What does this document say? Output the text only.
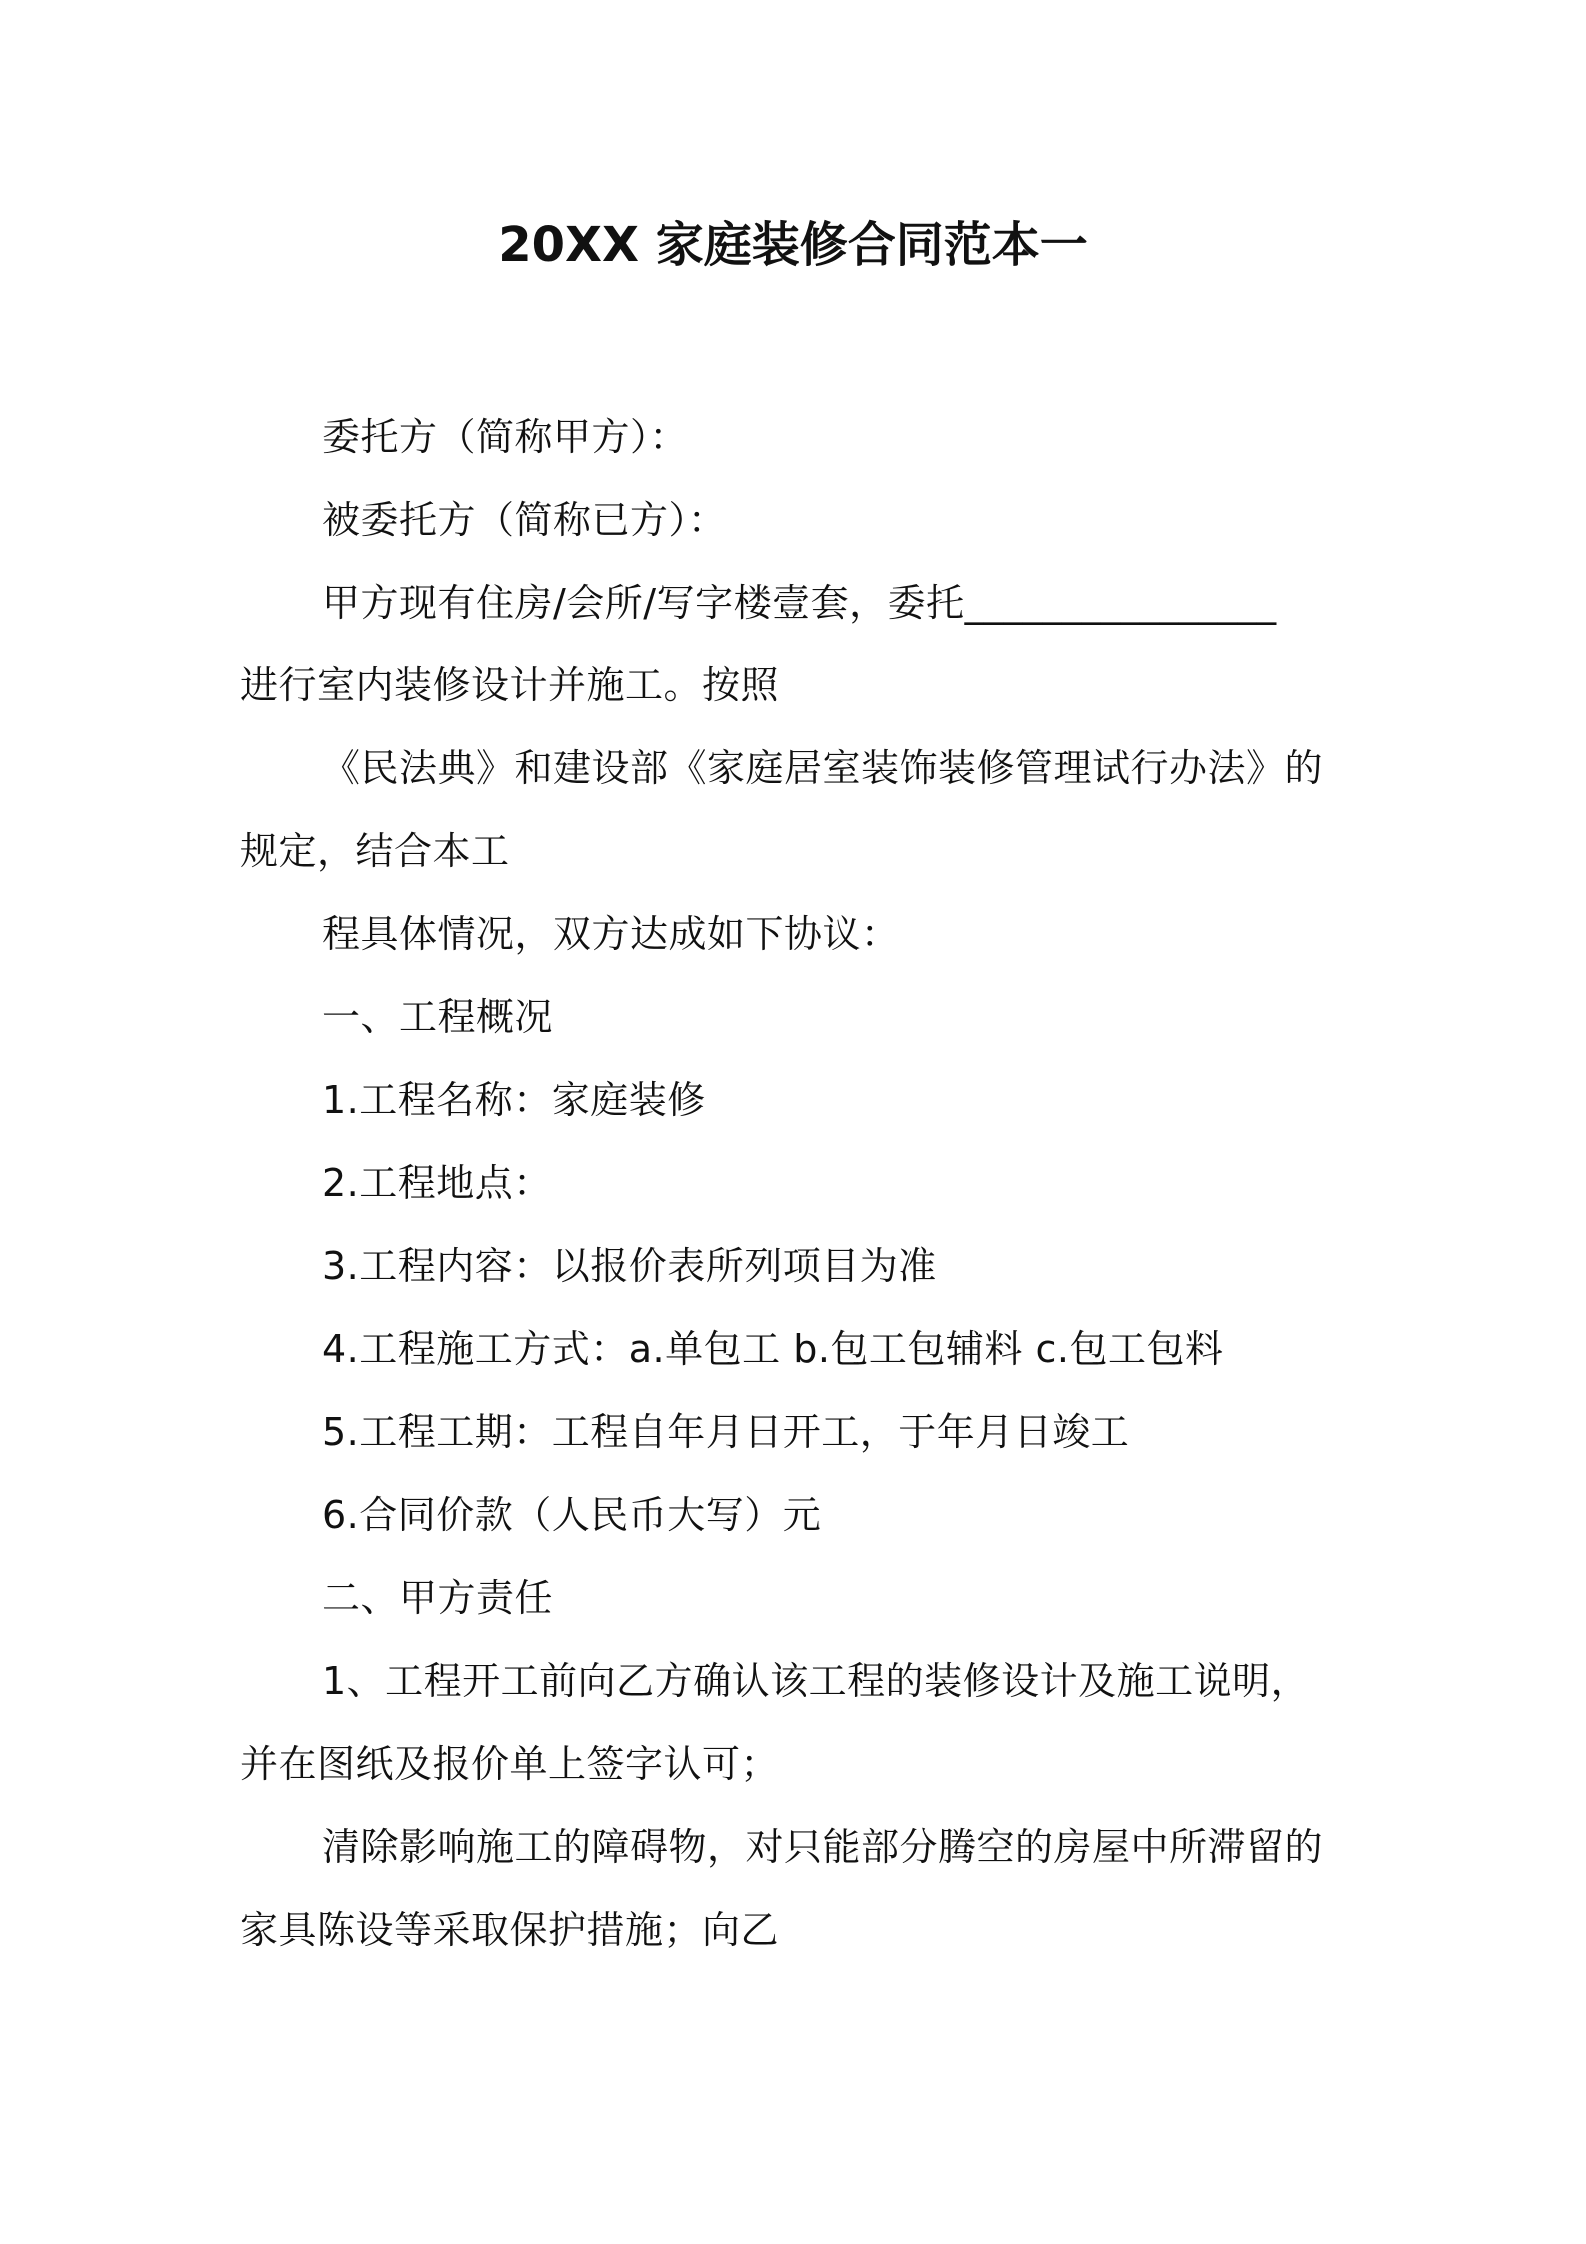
20XX 家庭装修合同范本一
委托方（简称甲方）：
被委托方（简称已方）：
甲方现有住房/会所/写字楼壹套，委托________________
进行室内装修设计并施工。按照
《民法典》和建设部《家庭居室装饰装修管理试行办法》的
规定，结合本工
程具体情况，双方达成如下协议：
一、工程概况
1.工程名称：家庭装修
2.工程地点：
3.工程内容：以报价表所列项目为准
4.工程施工方式：a.单包工 b.包工包辅料 c.包工包料
5.工程工期：工程自年月日开工，于年月日竣工
6.合同价款（人民币大写）元
二、甲方责任
1、工程开工前向乙方确认该工程的装修设计及施工说明，
并在图纸及报价单上签字认可；
清除影响施工的障碍物，对只能部分腾空的房屋中所滞留的
家具陈设等采取保护措施；向乙
